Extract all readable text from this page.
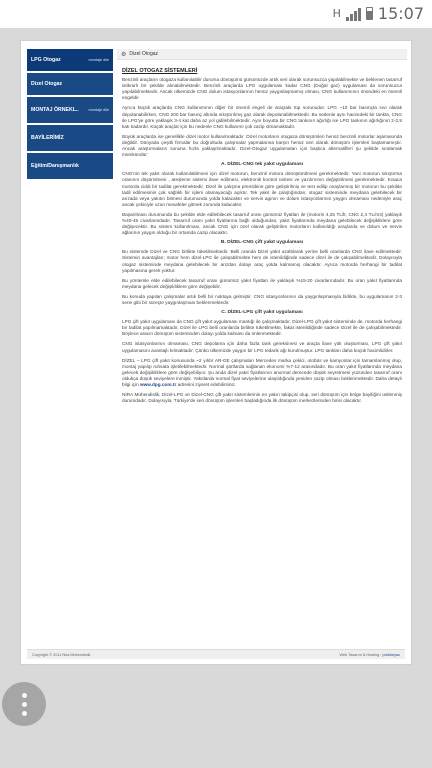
H 15:07
LPG Otogaz	montaje dile
Dizel Otogaz
MONTAJ ÖRNEKL..	montaje dile
BAYİLERİMİZ
Eğitim/Danışmanlık
⚙ Dizel Otogaz
DİZEL OTOGAZ SİSTEMLERİ

Benzinli araçların otogaza kullanılabilir duruma dönüşümü günümüzde artık seri olarak sorunsuzca yapılabilmekte ve beklenen tasarruf istikrarlı bir şekilde alınabilmektedir. Benzinli araçlarda LPG uygulaması kadar CNG (Doğal gaz) uygulaması da sorunsuzca yapılabilmektedir. Ancak ülkemizde CNG dolum istasyonlarının henüz yaygınlaşmamış olması, CNG kullanımının önündeki en önemli engeldir.

Ayrıca küçük araçlarda CNG kullanımının diğer bir önemli engeli de araçtaki tüp sorunudur. LPG ~10 bar basınçta sıvı olarak depolanabilirken, CNG 200 bar basınç altında sıkıştırılmış gaz olarak depolanabilmektedir. Bu nedenle aynı hacimdeki bir tankta, CNG ile LPG'ye göre yaklaşık 3-4 kat daha az yol gidilebilmektedir. Aynı boyutta bir CNG tankının ağırlığı ise LPG tankının ağırlığının 2-2,5 katı kadardır. Küçük araçlar için bu nedenle CNG kullanımı çok cazip olmamaktadır.

Büyük araçlarda ise genellikle dizel motor kullanılmaktadır. Dizel motorların otogaza dönüşümleri henüz benzinli motorlar aşamasında değildir. Dünyada çeşitli firmalar bu doğrultuda çalışmalar yapmalarına karşın henüz seri olarak dönüşüm işlemleri başlamamıştır. Ancak araştırmaların sonuna hızla yaklaşılmaktadır. Dizel-Otogaz uygulamaları için başlıca alternatifleri şu şekilde sıralamak mümkündür:

A. DİZEL-CNG tek yakıt uygulaması

CNG'nin tek yakıt olarak kullanılabilmesi için dizel motorun, benzinli motora dönüştürülmesi gerekmektedir. Yani motorun sıkıştırma oranının düşürülmesi , ateşleme sistemi ilave edilmesi, elektronik kontrol ünitesi ve yazılımının değiştirilmesi gerekmektedir. Kısaca motorda ciddi bir tadilat gerekmektedir. Dizel ile çalışma prensibine göre geliştirilmiş ve test edilip onaylanmış bir motorun bu şekilde tadil edilmesinin çok sağlıklı bir işlem olamayacağı açıktır. Tek yakıt ile çalıştığından, otogaz sisteminde meydana gelebilecek bir arızada veya yakıtın bitmesi durumunda yolda kalacaktır ve servis agının ve dolum istasyonlarının yaygın olmaması nedeniyle araç ancak çekiciyle uzun mesafeler gitmek zorunda kalacaktır.

Başarılması durumunda bu şekilde elde edilebilecek tasarruf oranı günümüz fiyatları ile (motorin 4,25 TL/lt, CNG 2,4 TL/m3) yaklaşık %40-45 civarlarındadır. Tasarruf oranı yakıt fiyatlarına bağlı olduğundan, yakıt fiyatlarında meydana gelebilecek değişikliklere göre değişecektir. Bu sistem kullanılması, ancak CNG için özel olarak geliştirilen motorların kullanıldığı araçlarda ve dolum ve servis ağlarının yaygın olduğu bir ortamda cazip olacaktır.

B. DİZEL-CNG çift yakıt uygulaması

Bu sistemde Dizel ve CNG birlikte tüketilmektedir. Belli oranda Dizel yakıt azaltılarak yerine belli oranlarda CNG ilave edilmektedir. Sistemin avantajları; motor hem dizel-LPG ile çalışabilmekte hem de istenildiğinde sadece dizel ile de çalışabilmektedir. Dolayısıyla otogaz sisteminde meydana gelebilecek bir arızdan dolayı araç yolda kalmamış olacaktır. Ayrıca motorda herhangi bir tadilat yapılmasına gerek yoktur.

Bu yöntemle elde edilebilecek tasarruf oranı günümüz yakıt fiyatları ile yaklaşık %15-20 civarlarındadır. Bu oran yakıt fiyatlarında meydana gelecek değişikliklere göre değişebilir.

Bu konuda yapılan çalışmalar artık belli bir noktaya gelmiştir. CNG istasyonlarının da yaygınlaşmasıyla birlikte, bu uygulamanın 2-3 sene gibi bir süreçte yaygınlaşması beklenmektedir.

C. DİZEL-LPG çift yakıt uygulaması

LPG çift yakıt uygulaması da CNG çift yakıt uygulaması mantığı ile çalışmaktadır. Dizel-LPG çift yakıt sisteminde de, motorda herhangi bir tadilat yapılmamaktadır, Dizel ile LPG belli oranlarda birlikte tüketilmekte, fakat istenildiğinde sadece Dizel ile de çalışabilmektedir. Böylece aracın dönüşüm sisteminden dolayı yolda kalması da önlenmektedir.

CNG istasyonlarının olmaması, CNG depolama için daha fazla tank gereksinesi ve araçta ilave yük oluşturması, LPG çift yakıt uygulamasını avantajlı kılmaktadır. Çünkü ülkemizde yaygın bir LPG tedarik ağı kurulmuştur. LPG tankları daha küçük hacimlidirler.

DİZEL – LPG çift yakıt konusunda ~2 yıldır AR-GE çalışmaları Mercedes marka çekici, otobüs ve kamyonlar için tamamlanmış olup, montaj yapılıp ruhsata işletilebilmektedir. Normal şartlarda sağlanan ekonomi %7-12 arasındadır. Bu oran yakıt fiyatlarında meydana gelecek değişikliklere göre değişebiliyor. Şu anda dizel yakıt fiyatlarının anormal derecede düşük seyretmesi yüzünden tasarruf oranı oldukça düşük seviyelere inmiştir. Yakıtlarda normal fiyat seviyelerine ulaşıldığında yeniden cazip olması beklenmektedir. Daha detaylı bilgi için www.dpg.com.tr adresini ziyaret edebilirsiniz.

NİRA Mühendislik, Dizel-LPG ve Dizel-CNG çift yakıt sistemlerinin en yakın takipçisi olup, seri dönüşüm için bölge bayiliğini üstlenmiş durumdadır. Dolayısıyla, Türkiye'de seri dönüşüm işlemleri başladığında ilk dönüşüm merkezlerinden birisi olacaktır.

Copyright © 2011 Nira Mühendislik	Web Tasarım & Hosting : prokbeyaz
